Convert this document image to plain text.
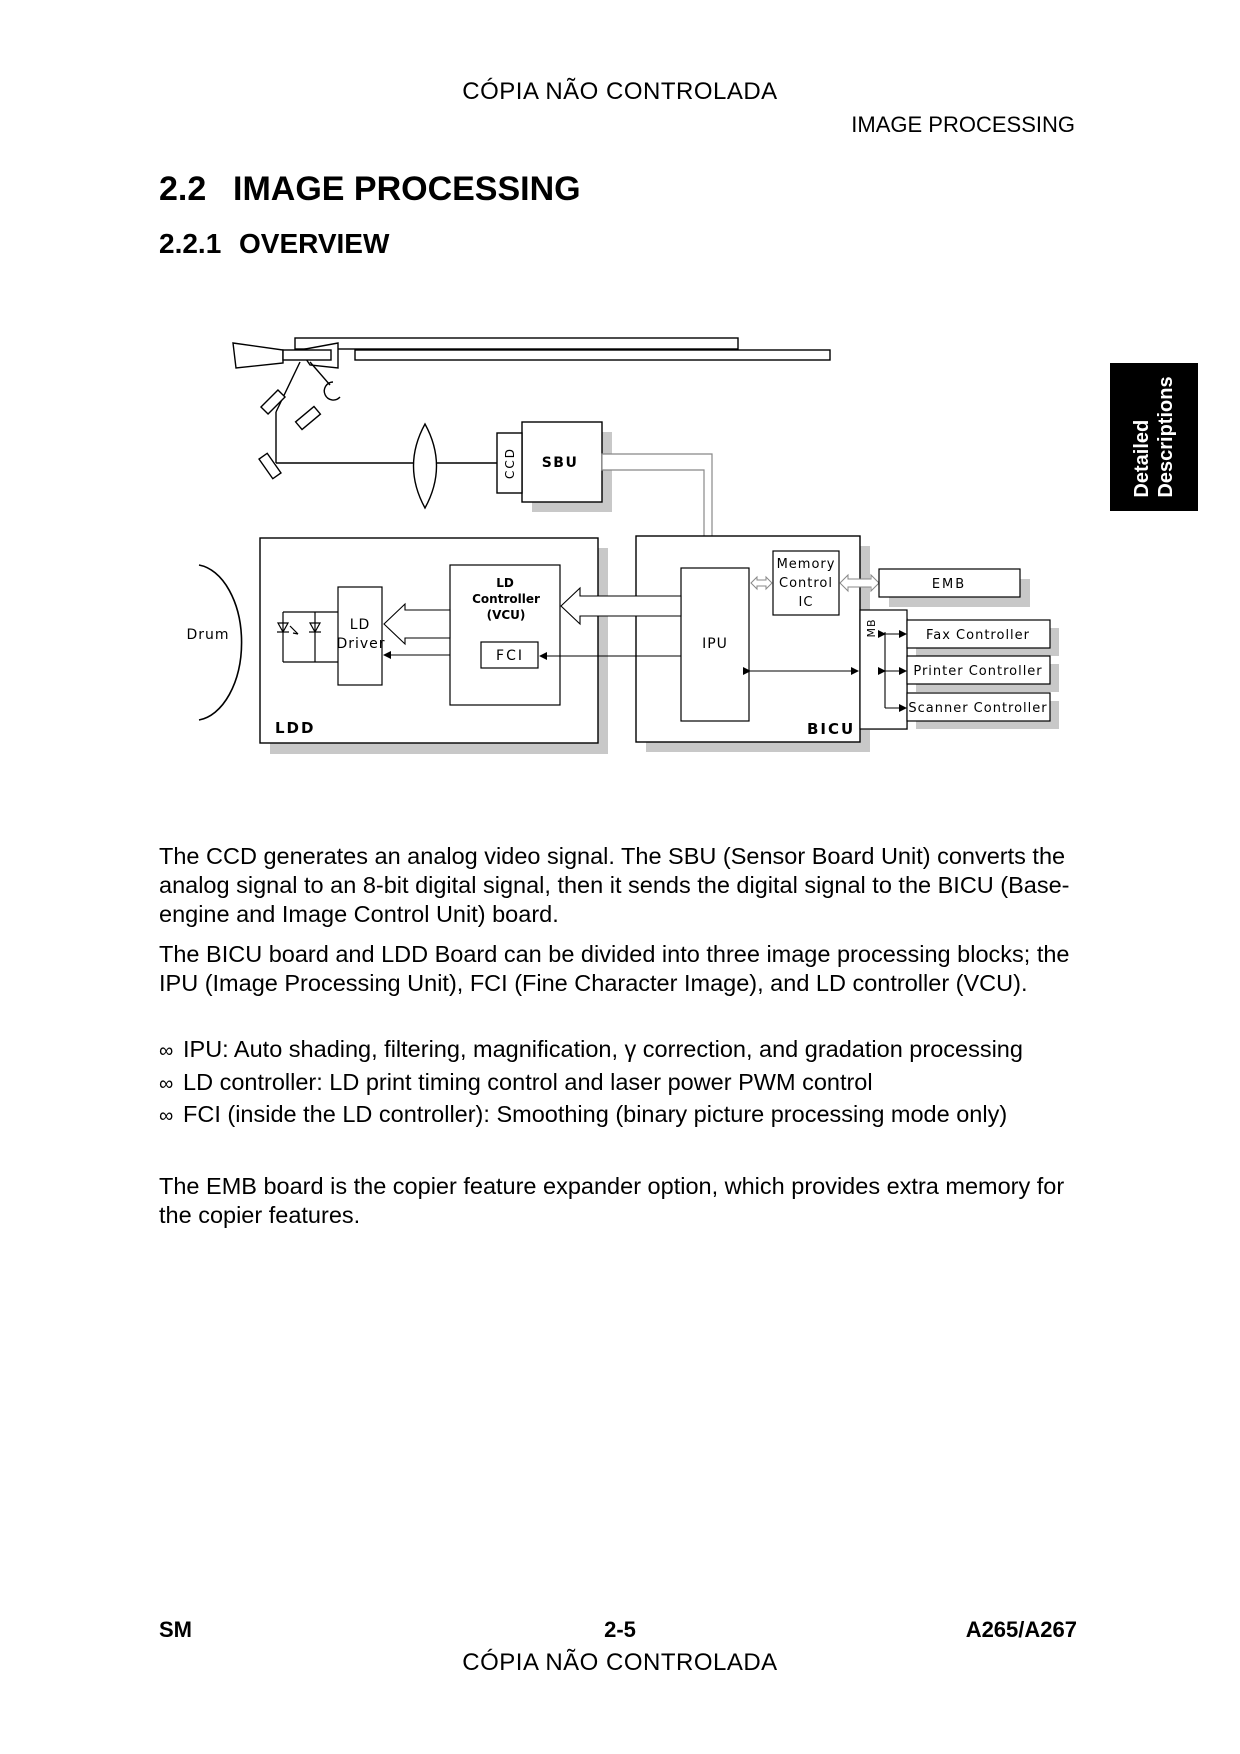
CÓPIA NÃO CONTROLADA
IMAGE PROCESSING
2.2 IMAGE PROCESSING
2.2.1 OVERVIEW
Detailed Descriptions
CCD SBU
Drum
LDD
LD
Driver
LD
Controller
(VCU)
FCI
IPU
Memory
Control
IC
BICU
EMB
MB	Fax Controller
Printer Controller
Scanner Controller

The CCD generates an analog video signal. The SBU (Sensor Board Unit) converts the analog signal to an 8-bit digital signal, then it sends the digital signal to the BICU (Base-engine and Image Control Unit) board.

The BICU board and LDD Board can be divided into three image processing blocks; the IPU (Image Processing Unit), FCI (Fine Character Image), and LD controller (VCU).

∞ IPU: Auto shading, filtering, magnification, γ correction, and gradation processing
∞ LD controller: LD print timing control and laser power PWM control
∞ FCI (inside the LD controller): Smoothing (binary picture processing mode only)

The EMB board is the copier feature expander option, which provides extra memory for the copier features.

SM	2-5	A265/A267
CÓPIA NÃO CONTROLADA
